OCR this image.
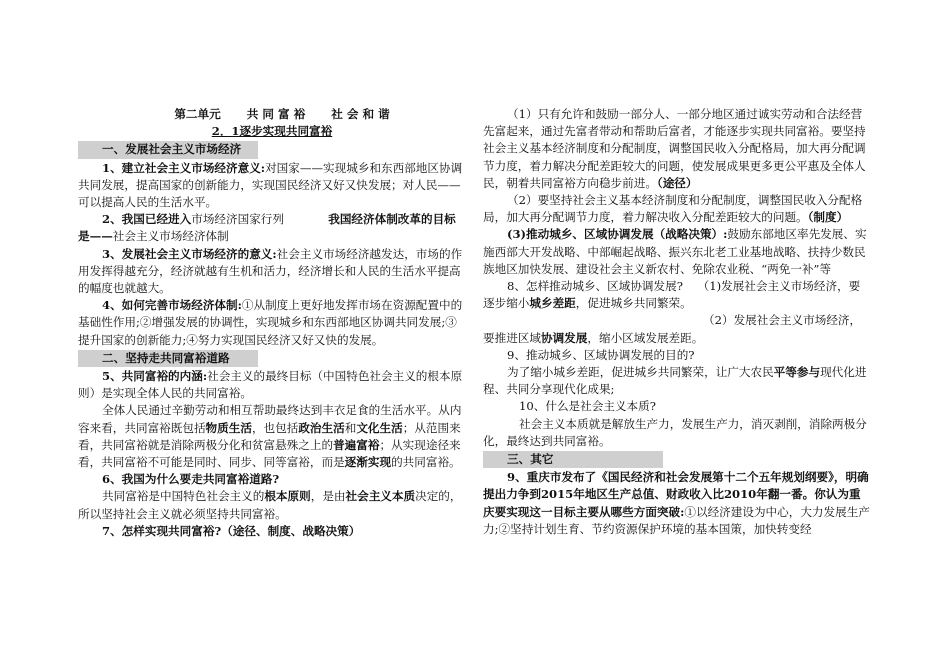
第二单元 共 同 富 裕 社 会 和 谐

2．1逐步实现共同富裕

一、发展社会主义市场经济

1、建立社会主义市场经济意义:对国家——实现城乡和东西部地区协调共同发展，提高国家的创新能力，实现国民经济又好又快发展；对人民——可以提高人民的生活水平。

2、我国已经进入市场经济国家行列	我国经济体制改革的目标是——社会主义市场经济体制

3、发展社会主义市场经济的意义:社会主义市场经济越发达，市场的作用发挥得越充分，经济就越有生机和活力，经济增长和人民的生活水平提高的幅度也就越大。

4、如何完善市场经济体制:①从制度上更好地发挥市场在资源配置中的基础性作用;②增强发展的协调性，实现城乡和东西部地区协调共同发展;③提升国家的创新能力;④努力实现国民经济又好又快的发展。

二、坚持走共同富裕道路

5、共同富裕的内涵:社会主义的最终目标（中国特色社会主义的根本原则）是实现全体人民的共同富裕。

全体人民通过辛勤劳动和相互帮助最终达到丰衣足食的生活水平。从内容来看，共同富裕既包括物质生活，也包括政治生活和文化生活；从范围来看，共同富裕就是消除两极分化和贫富悬殊之上的普遍富裕；从实现途径来看，共同富裕不可能是同时、同步、同等富裕，而是逐渐实现的共同富裕。

6、我国为什么要走共同富裕道路?

共同富裕是中国特色社会主义的根本原则，是由社会主义本质决定的，所以坚持社会主义就必须坚持共同富裕。

7、怎样实现共同富裕?（途径、制度、战略决策）

（1）只有允许和鼓励一部分人、一部分地区通过诚实劳动和合法经营先富起来，通过先富者带动和帮助后富者，才能逐步实现共同富裕。要坚持社会主义基本经济制度和分配制度，调整国民收入分配格局，加大再分配调节力度，着力解决分配差距较大的问题，使发展成果更多更公平惠及全体人民，朝着共同富裕方向稳步前进。（途径）

（2）要坚持社会主义基本经济制度和分配制度，调整国民收入分配格局，加大再分配调节力度，着力解决收入分配差距较大的问题。（制度）

(3)推动城乡、区域协调发展（战略决策）:鼓励东部地区率先发展、实施西部大开发战略、中部崛起战略、振兴东北老工业基地战略、扶持少数民族地区加快发展、建设社会主义新农村、免除农业税、“两免一补”等

8、怎样推动城乡、区域协调发展? （1)发展社会主义市场经济，要逐步缩小城乡差距，促进城乡共同繁荣。

（2）发展社会主义市场经济，要推进区域协调发展，缩小区域发展差距。

9、推动城乡、区域协调发展的目的?

为了缩小城乡差距，促进城乡共同繁荣，让广大农民平等参与现代化进程、共同分享现代化成果;

10、什么是社会主义本质?

社会主义本质就是解放生产力，发展生产力，消灭剥削，消除两极分化，最终达到共同富裕。

三、其它

9、重庆市发布了《国民经济和社会发展第十二个五年规划纲要》，明确提出力争到2015年地区生产总值、财政收入比2010年翻一番。你认为重庆要实现这一目标主要从哪些方面突破:①以经济建设为中心，大力发展生产力;②坚持计划生育、节约资源保护环境的基本国策，加快转变经
